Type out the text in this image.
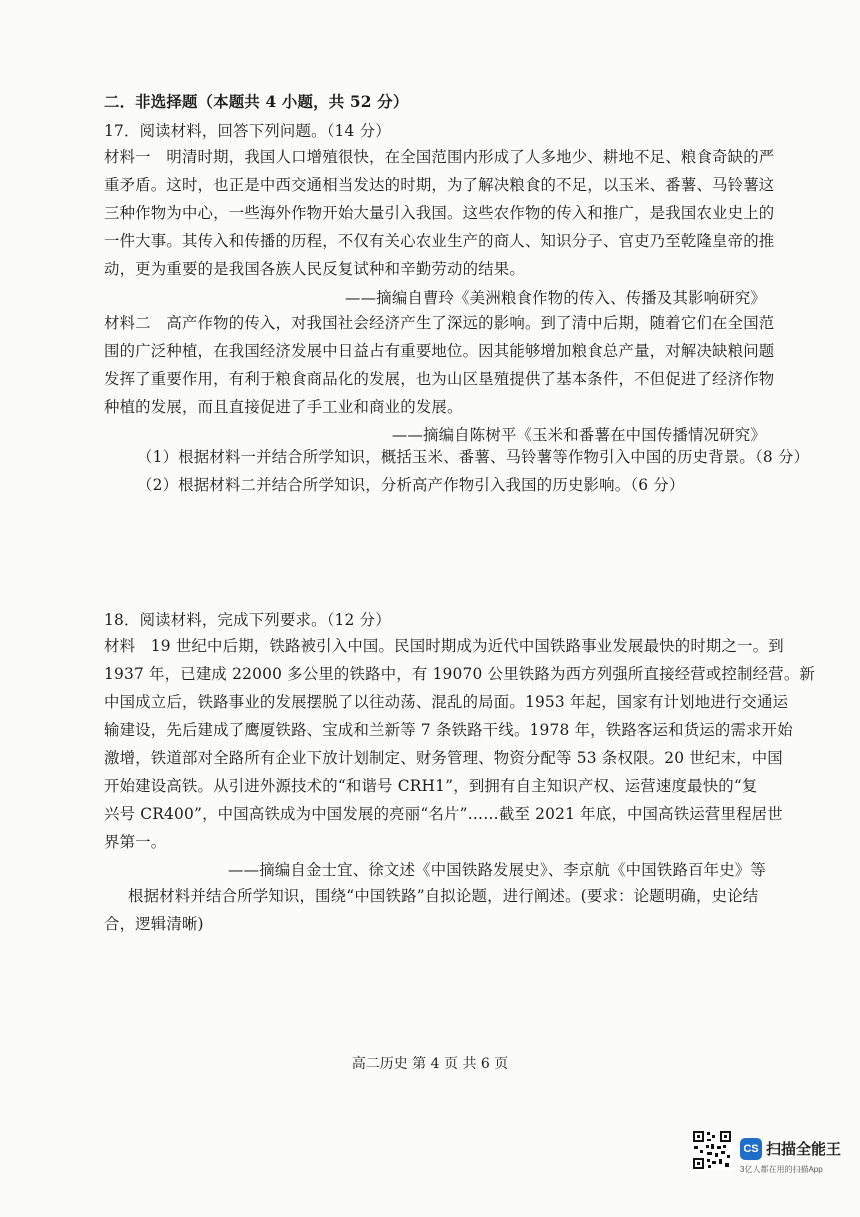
二．非选择题（本题共 4 小题，共 52 分）
17．阅读材料，回答下列问题。（14 分）
材料一　明清时期，我国人口增殖很快，在全国范围内形成了人多地少、耕地不足、粮食奇缺的严
重矛盾。这时，也正是中西交通相当发达的时期，为了解决粮食的不足，以玉米、番薯、马铃薯这
三种作物为中心，一些海外作物开始大量引入我国。这些农作物的传入和推广，是我国农业史上的
一件大事。其传入和传播的历程，不仅有关心农业生产的商人、知识分子、官吏乃至乾隆皇帝的推
动，更为重要的是我国各族人民反复试种和辛勤劳动的结果。
——摘编自曹玲《美洲粮食作物的传入、传播及其影响研究》
材料二　高产作物的传入，对我国社会经济产生了深远的影响。到了清中后期，随着它们在全国范
围的广泛种植，在我国经济发展中日益占有重要地位。因其能够增加粮食总产量，对解决缺粮问题
发挥了重要作用，有利于粮食商品化的发展，也为山区垦殖提供了基本条件，不但促进了经济作物
种植的发展，而且直接促进了手工业和商业的发展。
——摘编自陈树平《玉米和番薯在中国传播情况研究》
（1）根据材料一并结合所学知识，概括玉米、番薯、马铃薯等作物引入中国的历史背景。（8 分）
（2）根据材料二并结合所学知识，分析高产作物引入我国的历史影响。（6 分）
18．阅读材料，完成下列要求。（12 分）
材料　19 世纪中后期，铁路被引入中国。民国时期成为近代中国铁路事业发展最快的时期之一。到
1937 年，已建成 22000 多公里的铁路中，有 19070 公里铁路为西方列强所直接经营或控制经营。新
中国成立后，铁路事业的发展摆脱了以往动荡、混乱的局面。1953 年起，国家有计划地进行交通运
输建设，先后建成了鹰厦铁路、宝成和兰新等 7 条铁路干线。1978 年，铁路客运和货运的需求开始
激增，铁道部对全路所有企业下放计划制定、财务管理、物资分配等 53 条权限。20 世纪末，中国
开始建设高铁。从引进外源技术的“和谐号 CRH1”，到拥有自主知识产权、运营速度最快的“复
兴号 CR400”，中国高铁成为中国发展的亮丽“名片”……截至 2021 年底，中国高铁运营里程居世
界第一。
——摘编自金士宜、徐文述《中国铁路发展史》、李京航《中国铁路百年史》等
根据材料并结合所学知识，围绕“中国铁路”自拟论题，进行阐述。(要求：论题明确，史论结
合，逻辑清晰)
高二历史 第 4 页 共 6 页
CS 扫描全能王
3亿人都在用的扫描App
